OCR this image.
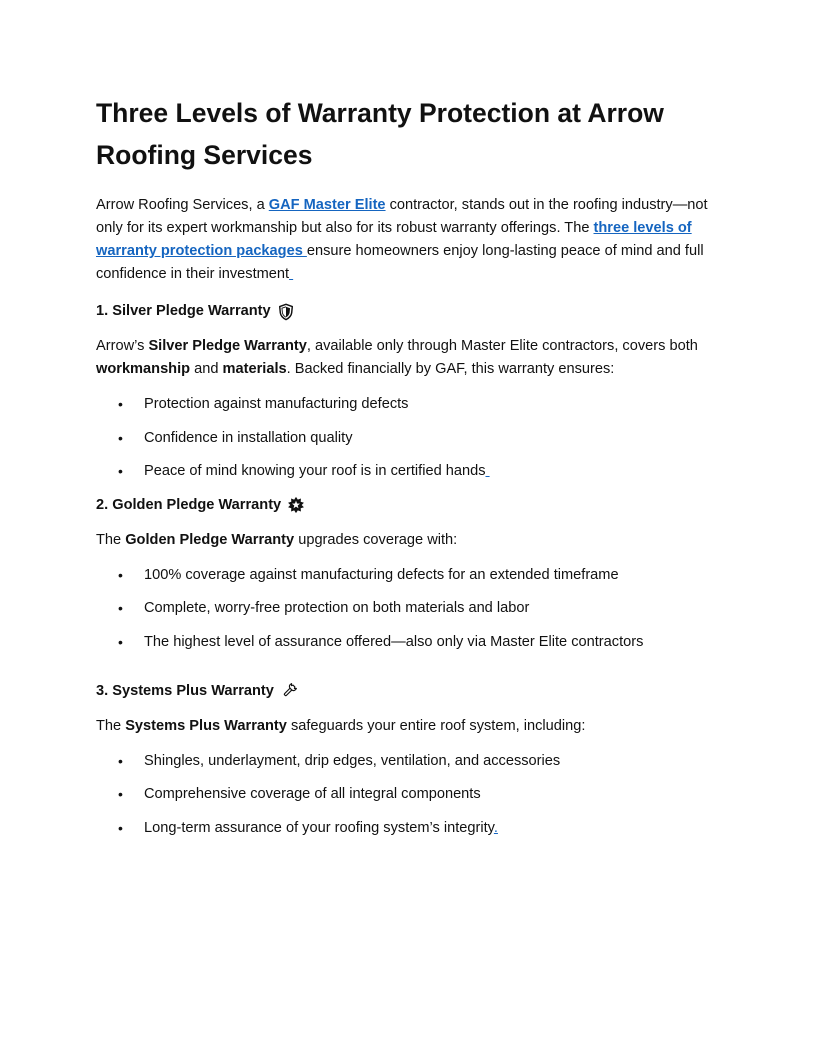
Three Levels of Warranty Protection at Arrow Roofing Services

Arrow Roofing Services, a GAF Master Elite contractor, stands out in the roofing industry—not only for its expert workmanship but also for its robust warranty offerings. The three levels of warranty protection packages ensure homeowners enjoy long-lasting peace of mind and full confidence in their investment

1. Silver Pledge Warranty

Arrow’s Silver Pledge Warranty, available only through Master Elite contractors, covers both workmanship and materials. Backed financially by GAF, this warranty ensures:

• Protection against manufacturing defects
• Confidence in installation quality
• Peace of mind knowing your roof is in certified hands
2. Golden Pledge Warranty

The Golden Pledge Warranty upgrades coverage with:

• 100% coverage against manufacturing defects for an extended timeframe
• Complete, worry-free protection on both materials and labor
• The highest level of assurance offered—also only via Master Elite contractors
3. Systems Plus Warranty

The Systems Plus Warranty safeguards your entire roof system, including:

• Shingles, underlayment, drip edges, ventilation, and accessories
• Comprehensive coverage of all integral components
• Long-term assurance of your roofing system’s integrity.
